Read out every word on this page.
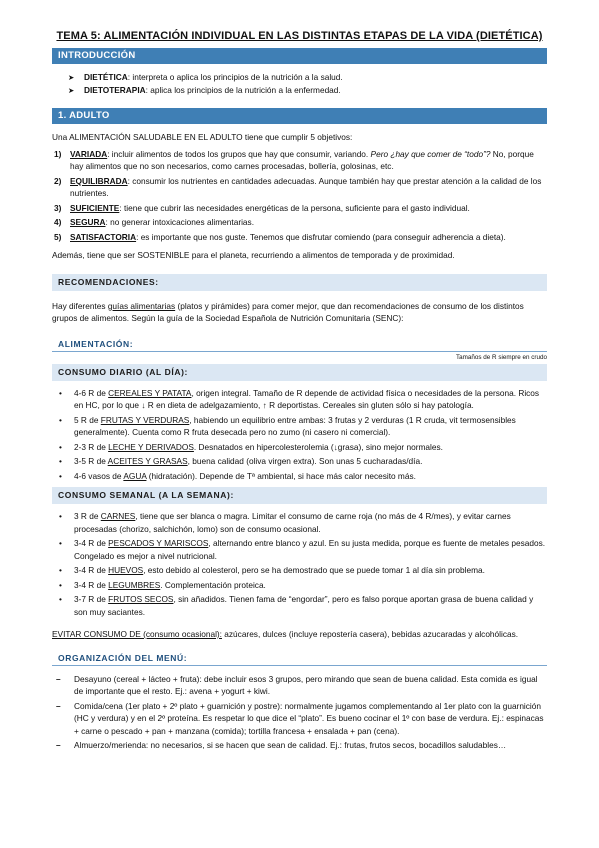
TEMA 5: ALIMENTACIÓN INDIVIDUAL EN LAS DISTINTAS ETAPAS DE LA VIDA (DIETÉTICA)
INTRODUCCIÓN
➤ DIETÉTICA: interpreta o aplica los principios de la nutrición a la salud.
➤ DIETOTERAPIA: aplica los principios de la nutrición a la enfermedad.
1. ADULTO
Una ALIMENTACIÓN SALUDABLE EN EL ADULTO tiene que cumplir 5 objetivos:
1) VARIADA: incluir alimentos de todos los grupos que hay que consumir, variando. Pero ¿hay que comer de “todo”? No, porque hay alimentos que no son necesarios, como carnes procesadas, bollería, golosinas, etc.
2) EQUILIBRADA: consumir los nutrientes en cantidades adecuadas. Aunque también hay que prestar atención a la calidad de los nutrientes.
3) SUFICIENTE: tiene que cubrir las necesidades energéticas de la persona, suficiente para el gasto individual.
4) SEGURA: no generar intoxicaciones alimentarias.
5) SATISFACTORIA: es importante que nos guste. Tenemos que disfrutar comiendo (para conseguir adherencia a dieta).
Además, tiene que ser SOSTENIBLE para el planeta, recurriendo a alimentos de temporada y de proximidad.
RECOMENDACIONES:
Hay diferentes guías alimentarias (platos y pirámides) para comer mejor, que dan recomendaciones de consumo de los distintos grupos de alimentos. Según la guía de la Sociedad Española de Nutrición Comunitaria (SENC):
ALIMENTACIÓN:
Tamaños de R siempre en crudo
CONSUMO DIARIO (AL DÍA):
• 4-6 R de CEREALES Y PATATA, origen integral. Tamaño de R depende de actividad física o necesidades de la persona. Ricos en HC, por lo que ↓ R en dieta de adelgazamiento, ↑ R deportistas. Cereales sin gluten sólo si hay patología.
• 5 R de FRUTAS Y VERDURAS, habiendo un equilibrio entre ambas: 3 frutas y 2 verduras (1 R cruda, vit termosensibles generalmente). Cuenta como R fruta desecada pero no zumo (ni casero ni comercial).
• 2-3 R de LECHE Y DERIVADOS. Desnatados en hipercolesterolemia (↓grasa), sino mejor normales.
• 3-5 R de ACEITES Y GRASAS, buena calidad (oliva virgen extra). Son unas 5 cucharadas/día.
• 4-6 vasos de AGUA (hidratación). Depende de Tª ambiental, si hace más calor necesito más.
CONSUMO SEMANAL (A LA SEMANA):
• 3 R de CARNES, tiene que ser blanca o magra. Limitar el consumo de carne roja (no más de 4 R/mes), y evitar carnes procesadas (chorizo, salchichón, lomo) son de consumo ocasional.
• 3-4 R de PESCADOS Y MARISCOS, alternando entre blanco y azul. En su justa medida, porque es fuente de metales pesados. Congelado es mejor a nivel nutricional.
• 3-4 R de HUEVOS, esto debido al colesterol, pero se ha demostrado que se puede tomar 1 al día sin problema.
• 3-4 R de LEGUMBRES. Complementación proteica.
• 3-7 R de FRUTOS SECOS, sin añadidos. Tienen fama de “engordar”, pero es falso porque aportan grasa de buena calidad y son muy saciantes.
EVITAR CONSUMO DE (consumo ocasional): azúcares, dulces (incluye repostería casera), bebidas azucaradas y alcohólicas.
ORGANIZACIÓN DEL MENÚ:
– Desayuno (cereal + lácteo + fruta): debe incluir esos 3 grupos, pero mirando que sean de buena calidad. Esta comida es igual de importante que el resto. Ej.: avena + yogurt + kiwi.
– Comida/cena (1er plato + 2º plato + guarnición y postre): normalmente jugamos complementando al 1er plato con la guarnición (HC y verdura) y en el 2º proteína. Es respetar lo que dice el “plato”. Es bueno cocinar el 1º con base de verdura. Ej.: espinacas + carne o pescado + pan + manzana (comida); tortilla francesa + ensalada + pan (cena).
– Almuerzo/merienda: no necesarios, si se hacen que sean de calidad. Ej.: frutas, frutos secos, bocadillos saludables…
